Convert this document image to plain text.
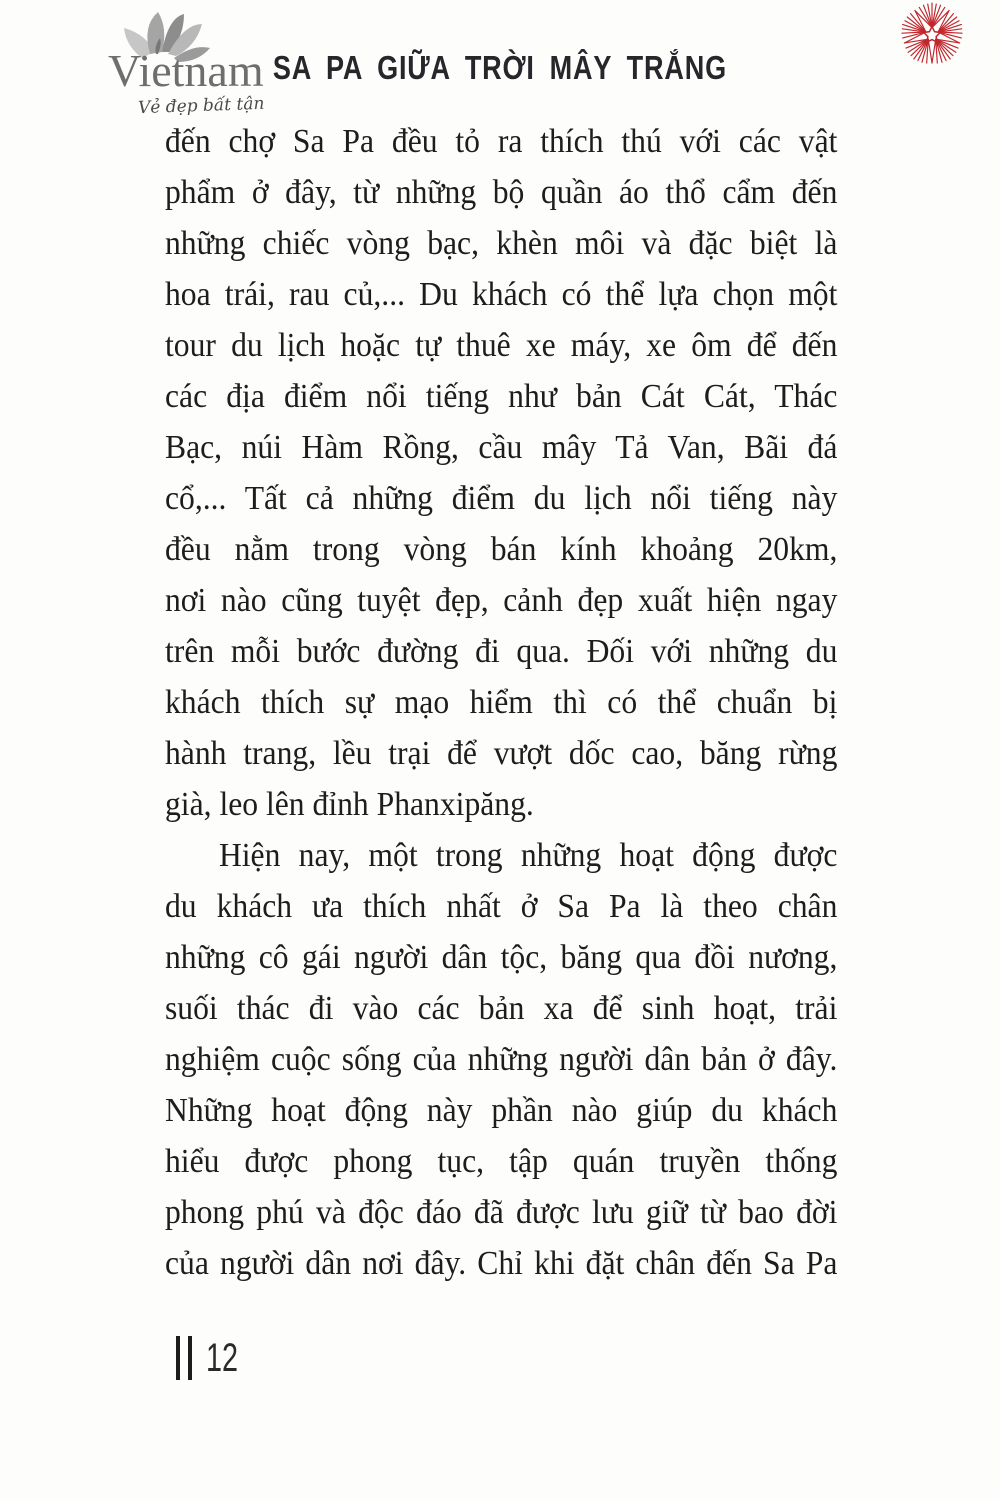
Vietnam
Vẻ đẹp bất tận
SA PA GIỮA TRỜI MÂY TRẮNG
đến chợ Sa Pa đều tỏ ra thích thú với các vật
phẩm ở đây, từ những bộ quần áo thổ cẩm đến
những chiếc vòng bạc, khèn môi và đặc biệt là
hoa trái, rau củ,... Du khách có thể lựa chọn một
tour du lịch hoặc tự thuê xe máy, xe ôm để đến
các địa điểm nổi tiếng như bản Cát Cát, Thác
Bạc, núi Hàm Rồng, cầu mây Tả Van, Bãi đá
cổ,... Tất cả những điểm du lịch nổi tiếng này
đều nằm trong vòng bán kính khoảng 20km,
nơi nào cũng tuyệt đẹp, cảnh đẹp xuất hiện ngay
trên mỗi bước đường đi qua. Đối với những du
khách thích sự mạo hiểm thì có thể chuẩn bị
hành trang, lều trại để vượt dốc cao, băng rừng
già, leo lên đỉnh Phanxipăng.
Hiện nay, một trong những hoạt động được
du khách ưa thích nhất ở Sa Pa là theo chân
những cô gái người dân tộc, băng qua đồi nương,
suối thác đi vào các bản xa để sinh hoạt, trải
nghiệm cuộc sống của những người dân bản ở đây.
Những hoạt động này phần nào giúp du khách
hiểu được phong tục, tập quán truyền thống
phong phú và độc đáo đã được lưu giữ từ bao đời
của người dân nơi đây. Chỉ khi đặt chân đến Sa Pa
12
